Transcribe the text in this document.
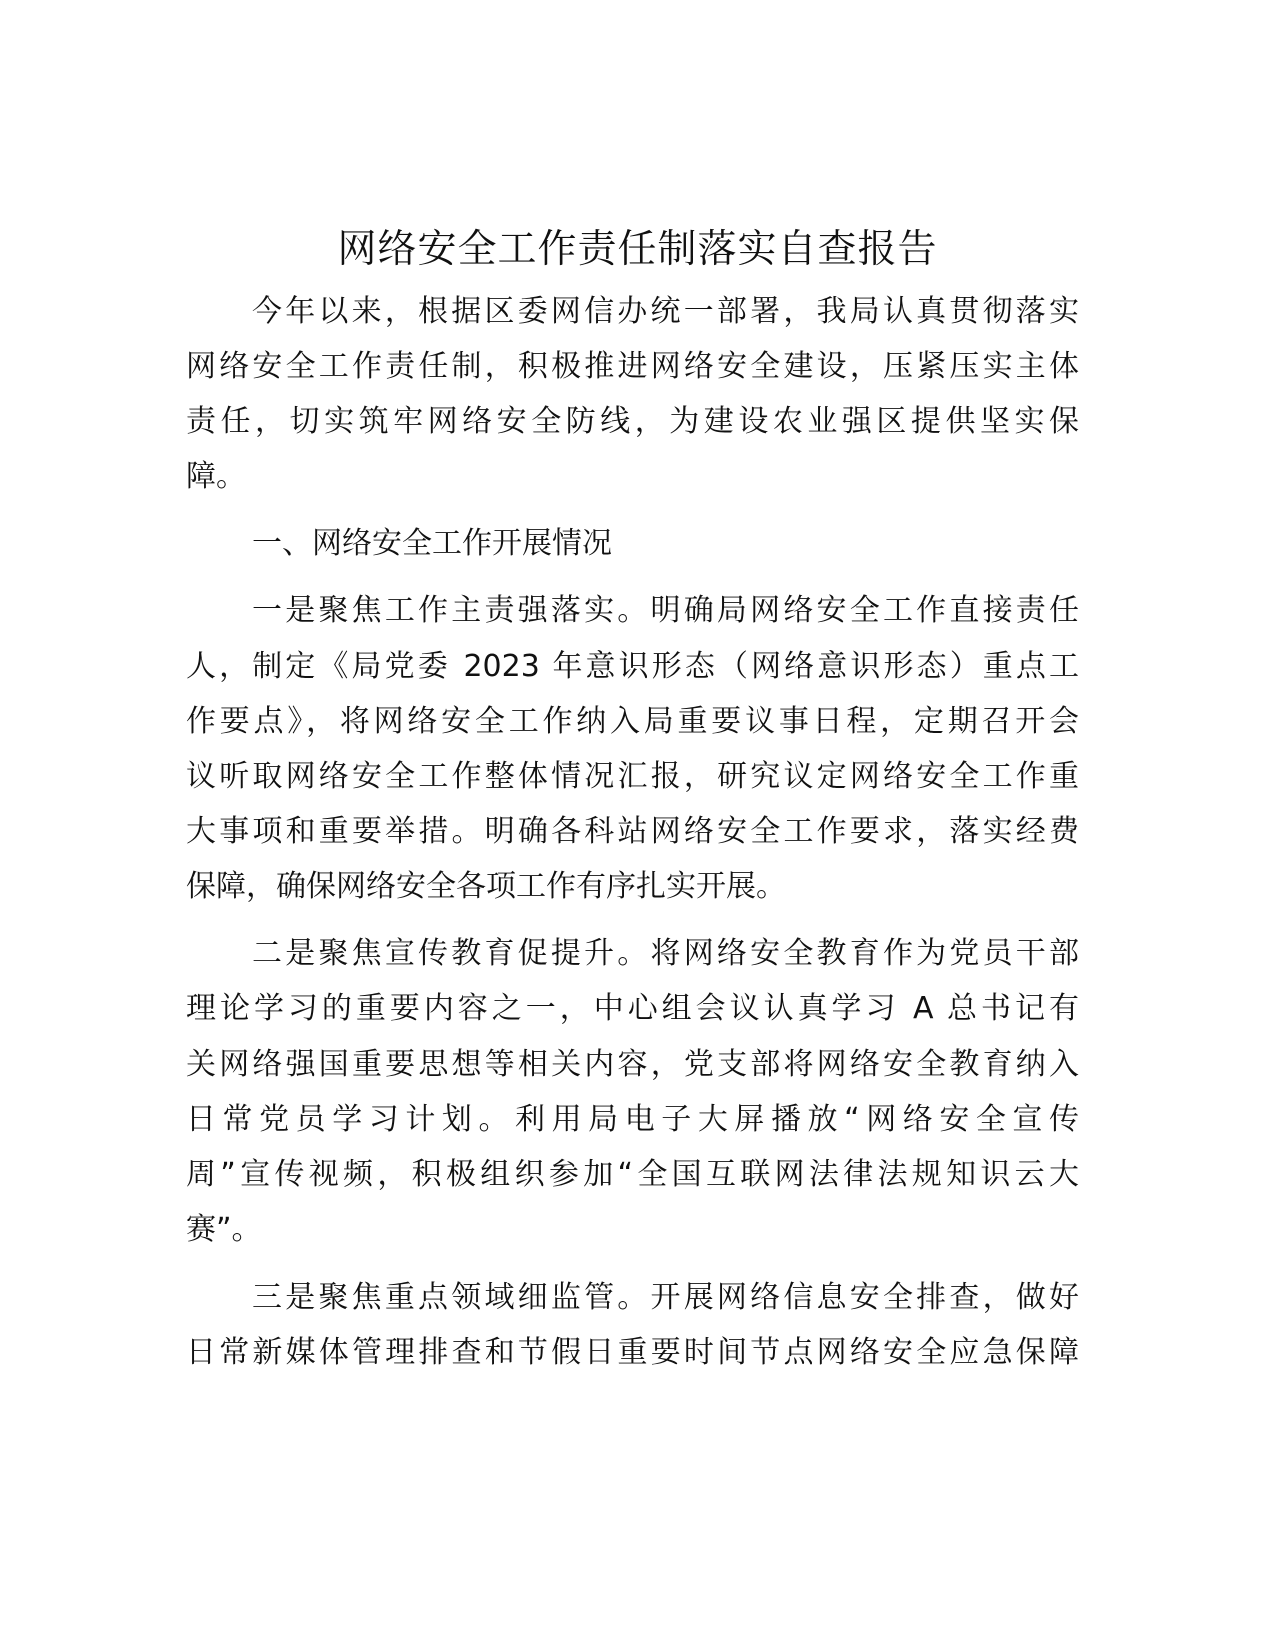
网络安全工作责任制落实自查报告
今年以来，根据区委网信办统一部署，我局认真贯彻落实
网络安全工作责任制，积极推进网络安全建设，压紧压实主体
责任，切实筑牢网络安全防线，为建设农业强区提供坚实保
障。
一、网络安全工作开展情况
一是聚焦工作主责强落实。明确局网络安全工作直接责任
人，制定《局党委 2023 年意识形态（网络意识形态）重点工
作要点》，将网络安全工作纳入局重要议事日程，定期召开会
议听取网络安全工作整体情况汇报，研究议定网络安全工作重
大事项和重要举措。明确各科站网络安全工作要求，落实经费
保障，确保网络安全各项工作有序扎实开展。
二是聚焦宣传教育促提升。将网络安全教育作为党员干部
理论学习的重要内容之一，中心组会议认真学习 A 总书记有
关网络强国重要思想等相关内容，党支部将网络安全教育纳入
日常党员学习计划。利用局电子大屏播放“网络安全宣传
周”宣传视频，积极组织参加“全国互联网法律法规知识云大
赛”。
三是聚焦重点领域细监管。开展网络信息安全排查，做好
日常新媒体管理排查和节假日重要时间节点网络安全应急保障
